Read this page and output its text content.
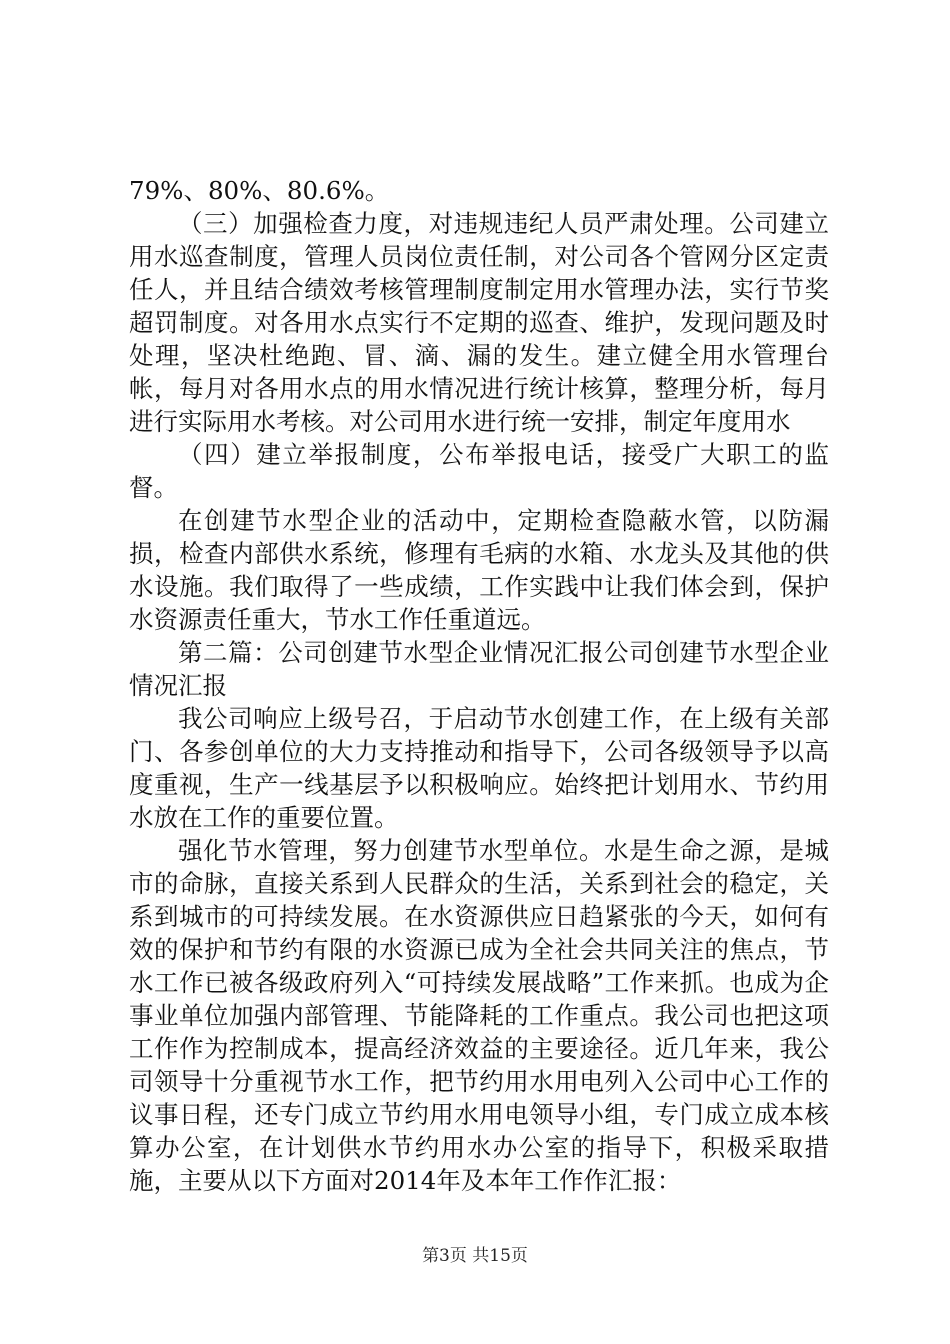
79%、80%、80.6%。

（三）加强检查力度，对违规违纪人员严肃处理。公司建立用水巡查制度，管理人员岗位责任制，对公司各个管网分区定责任人，并且结合绩效考核管理制度制定用水管理办法，实行节奖超罚制度。对各用水点实行不定期的巡查、维护，发现问题及时处理，坚决杜绝跑、冒、滴、漏的发生。建立健全用水管理台帐，每月对各用水点的用水情况进行统计核算，整理分析，每月进行实际用水考核。对公司用水进行统一安排，制定年度用水

（四）建立举报制度，公布举报电话，接受广大职工的监督。

在创建节水型企业的活动中，定期检查隐蔽水管，以防漏损，检查内部供水系统，修理有毛病的水箱、水龙头及其他的供水设施。我们取得了一些成绩，工作实践中让我们体会到，保护水资源责任重大，节水工作任重道远。

第二篇：公司创建节水型企业情况汇报公司创建节水型企业情况汇报

我公司响应上级号召，于启动节水创建工作，在上级有关部门、各参创单位的大力支持推动和指导下，公司各级领导予以高度重视，生产一线基层予以积极响应。始终把计划用水、节约用水放在工作的重要位置。

强化节水管理，努力创建节水型单位。水是生命之源，是城市的命脉，直接关系到人民群众的生活，关系到社会的稳定，关系到城市的可持续发展。在水资源供应日趋紧张的今天，如何有效的保护和节约有限的水资源已成为全社会共同关注的焦点，节水工作已被各级政府列入“可持续发展战略”工作来抓。也成为企事业单位加强内部管理、节能降耗的工作重点。我公司也把这项工作作为控制成本，提高经济效益的主要途径。近几年来，我公司领导十分重视节水工作，把节约用水用电列入公司中心工作的议事日程，还专门成立节约用水用电领导小组，专门成立成本核算办公室，在计划供水节约用水办公室的指导下，积极采取措施，主要从以下方面对2014年及本年工作作汇报：

第3页 共15页
